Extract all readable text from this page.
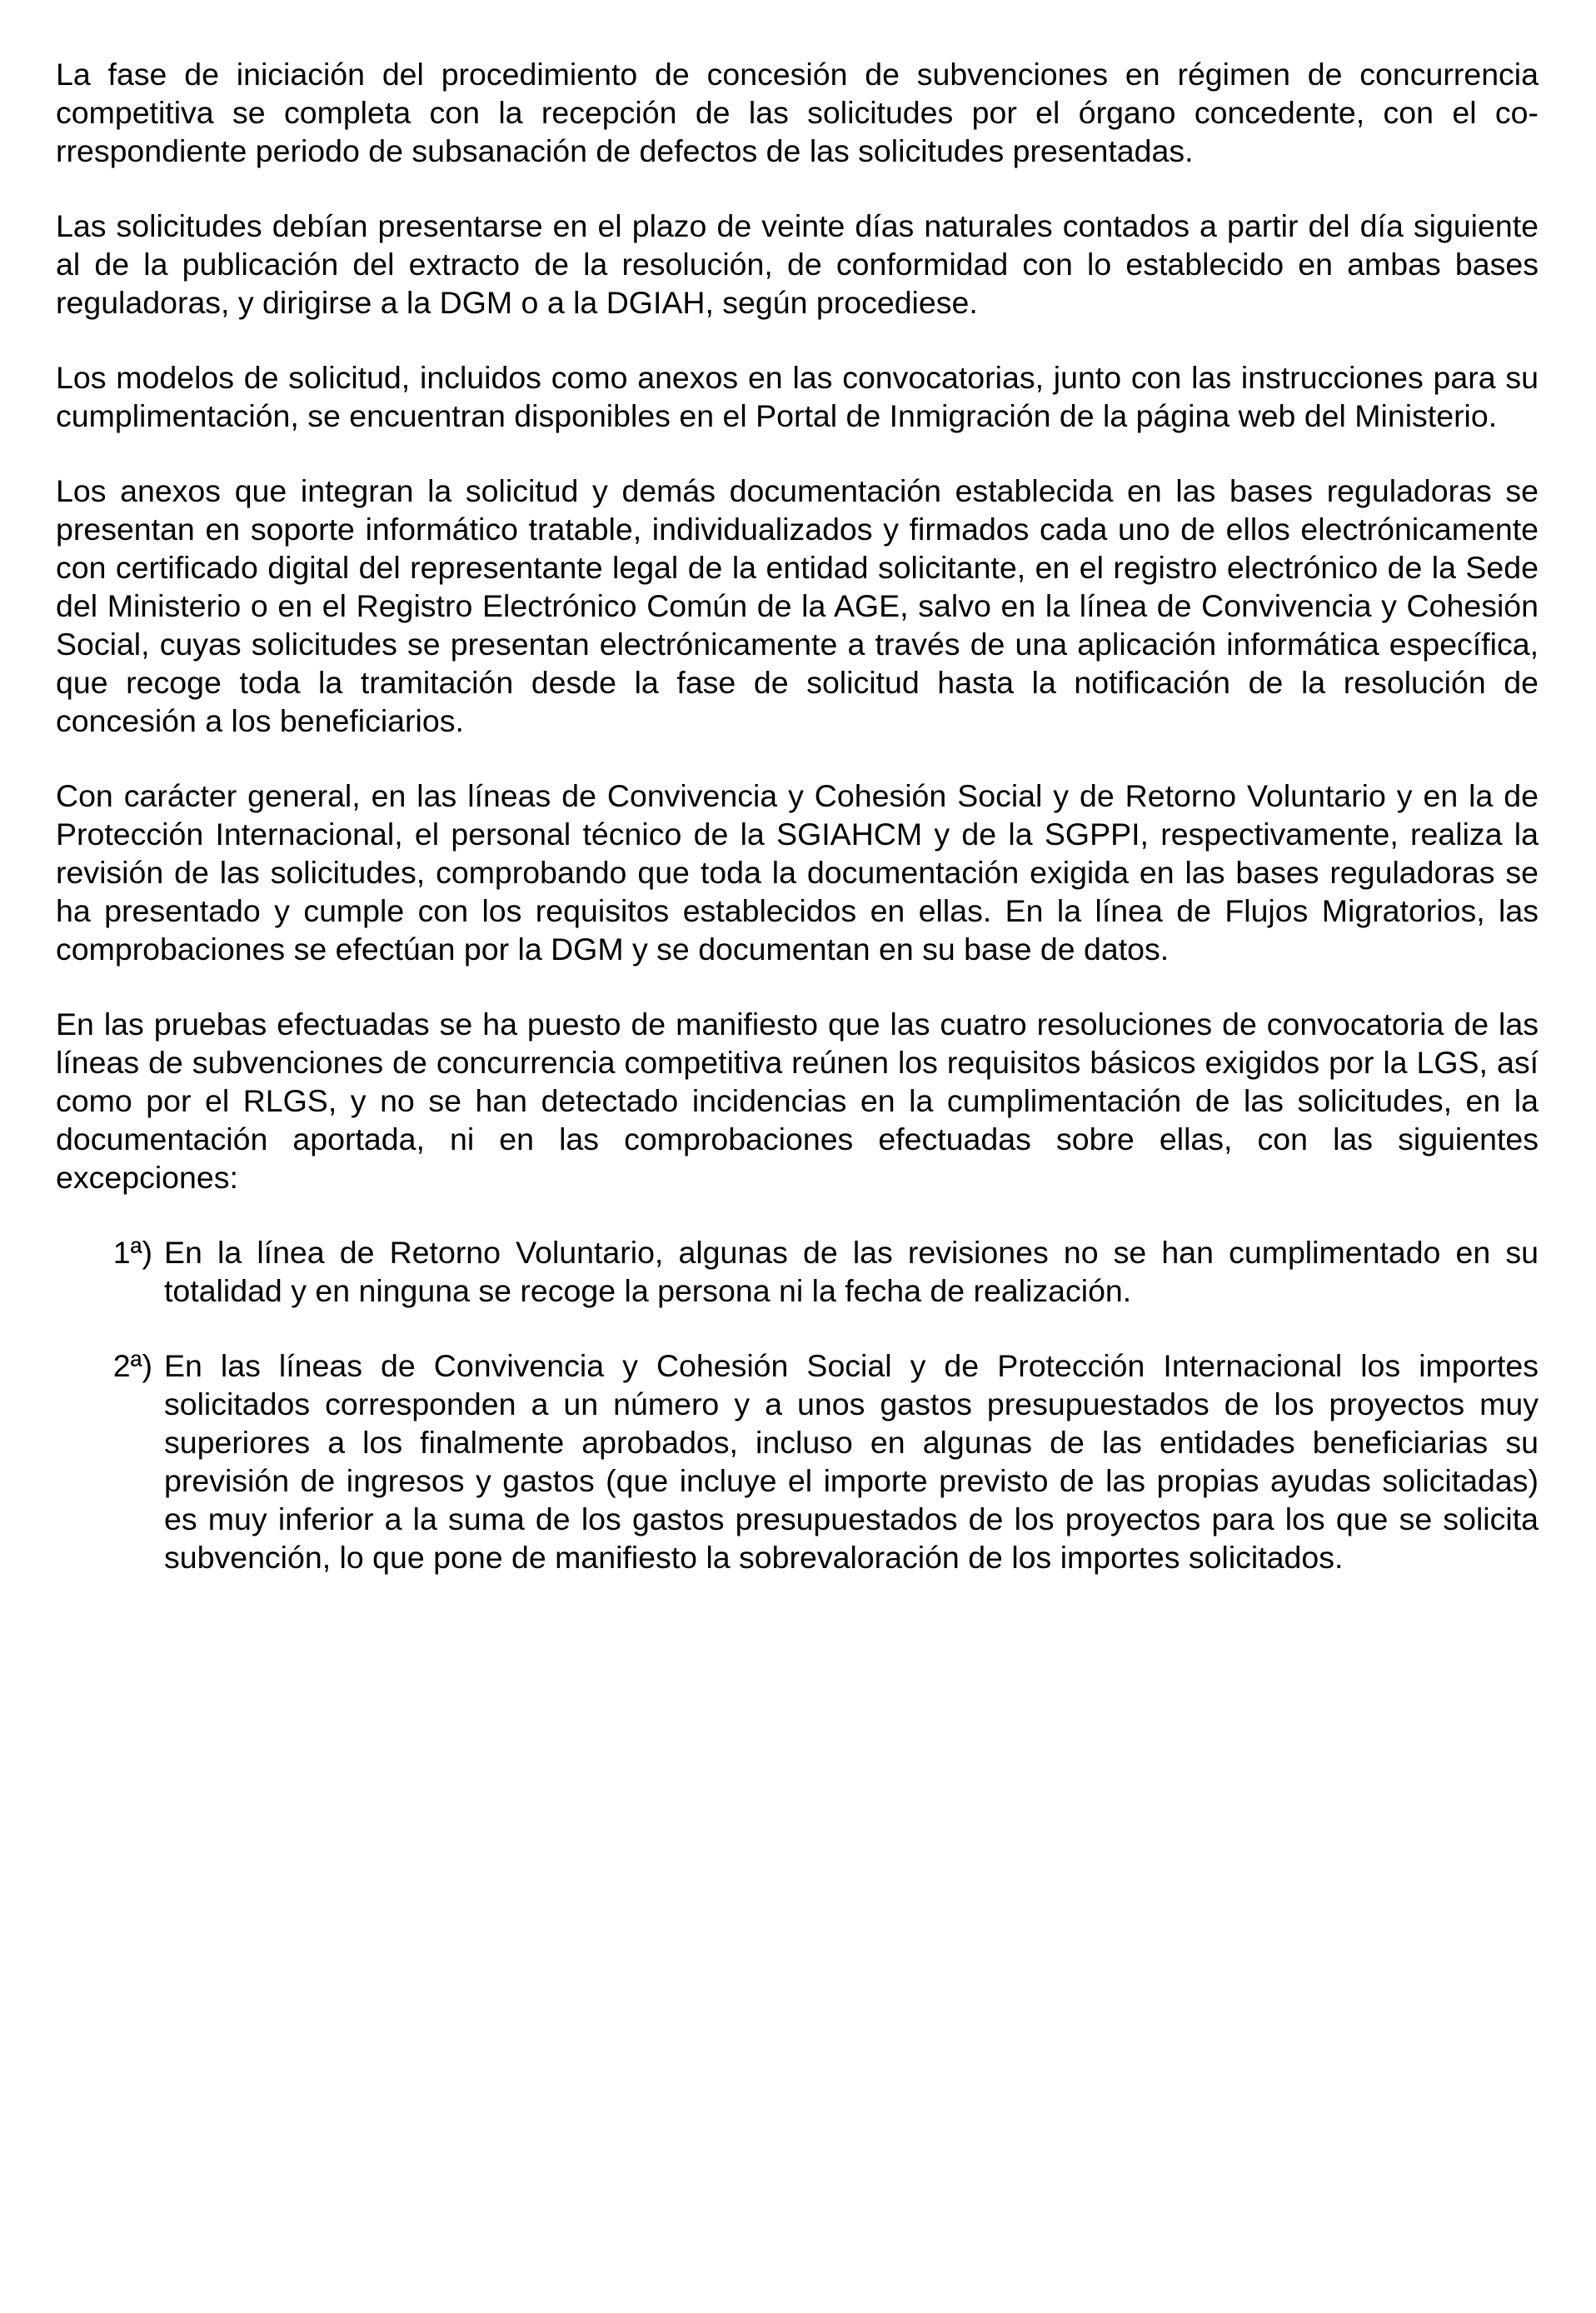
La fase de iniciación del procedimiento de concesión de subvenciones en régimen de concurrencia competitiva se completa con la recepción de las solicitudes por el órgano concedente, con el correspondiente periodo de subsanación de defectos de las solicitudes presentadas.

Las solicitudes debían presentarse en el plazo de veinte días naturales contados a partir del día siguiente al de la publicación del extracto de la resolución, de conformidad con lo establecido en ambas bases reguladoras, y dirigirse a la DGM o a la DGIAH, según procediese.

Los modelos de solicitud, incluidos como anexos en las convocatorias, junto con las instrucciones para su cumplimentación, se encuentran disponibles en el Portal de Inmigración de la página web del Ministerio.

Los anexos que integran la solicitud y demás documentación establecida en las bases reguladoras se presentan en soporte informático tratable, individualizados y firmados cada uno de ellos electrónicamente con certificado digital del representante legal de la entidad solicitante, en el registro electrónico de la Sede del Ministerio o en el Registro Electrónico Común de la AGE, salvo en la línea de Convivencia y Cohesión Social, cuyas solicitudes se presentan electrónicamente a través de una aplicación informática específica, que recoge toda la tramitación desde la fase de solicitud hasta la notificación de la resolución de concesión a los beneficiarios.

Con carácter general, en las líneas de Convivencia y Cohesión Social y de Retorno Voluntario y en la de Protección Internacional, el personal técnico de la SGIAHCM y de la SGPPI, respectivamente, realiza la revisión de las solicitudes, comprobando que toda la documentación exigida en las bases reguladoras se ha presentado y cumple con los requisitos establecidos en ellas. En la línea de Flujos Migratorios, las comprobaciones se efectúan por la DGM y se documentan en su base de datos.

En las pruebas efectuadas se ha puesto de manifiesto que las cuatro resoluciones de convocatoria de las líneas de subvenciones de concurrencia competitiva reúnen los requisitos básicos exigidos por la LGS, así como por el RLGS, y no se han detectado incidencias en la cumplimentación de las solicitudes, en la documentación aportada, ni en las comprobaciones efectuadas sobre ellas, con las siguientes excepciones:

1ª) En la línea de Retorno Voluntario, algunas de las revisiones no se han cumplimentado en su totalidad y en ninguna se recoge la persona ni la fecha de realización.
2ª) En las líneas de Convivencia y Cohesión Social y de Protección Internacional los importes solicitados corresponden a un número y a unos gastos presupuestados de los proyectos muy superiores a los finalmente aprobados, incluso en algunas de las entidades beneficiarias su previsión de ingresos y gastos (que incluye el importe previsto de las propias ayudas solicitadas) es muy inferior a la suma de los gastos presupuestados de los proyectos para los que se solicita subvención, lo que pone de manifiesto la sobrevaloración de los importes solicitados.
